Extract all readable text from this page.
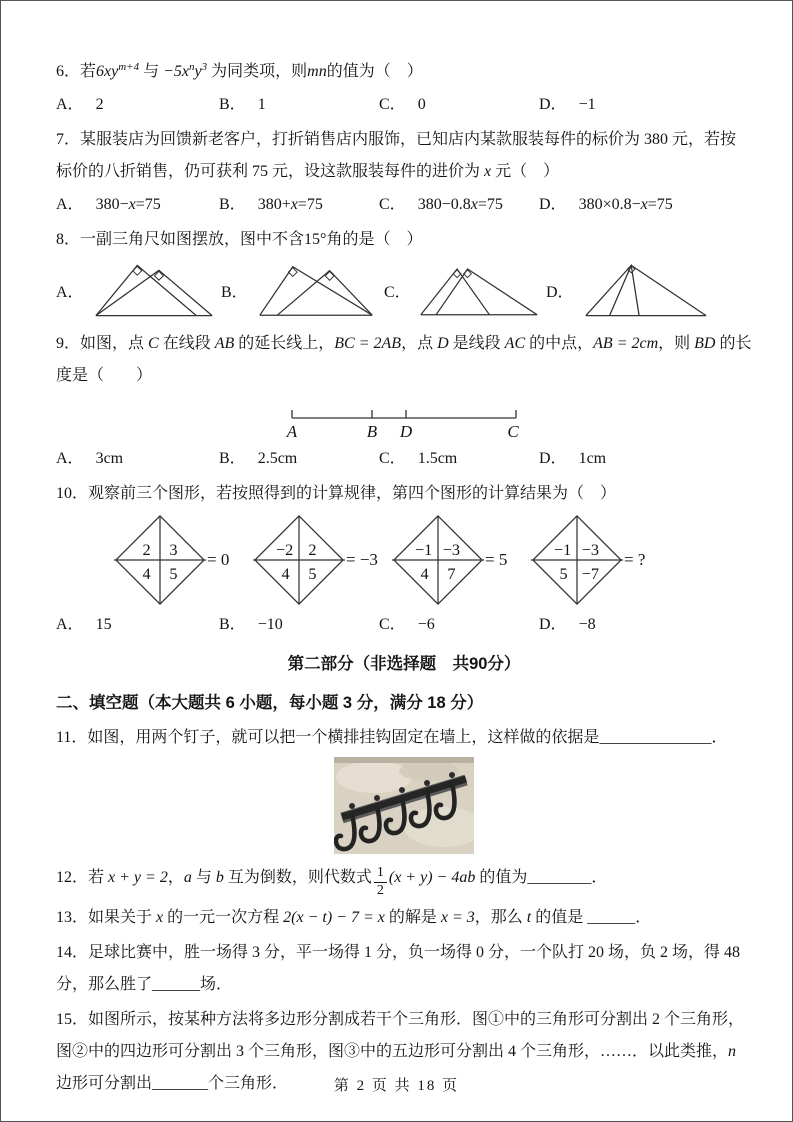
6．若$6xy^{m+4}$ 与 $-5x^ny^3$ 为同类项，则mn的值为（　）

A． 2	B． 1	C． 0	D． −1

7．某服装店为回馈新老客户，打折销售店内服饰，已知店内某款服装每件的标价为 380 元，若按

标价的八折销售，仍可获利 75 元，设这款服装每件的进价为 x 元（　）

A． 380−x=75	B． 380+x=75	C． 380−0.8x=75	D． 380×0.8−x=75

8．一副三角尺如图摆放，图中不含15°角的是（　）

A．	B．	C．	D．

9．如图，点 C 在线段 AB 的延长线上，BC = 2AB，点 D 是线段 AC 的中点，AB = 2cm，则 BD 的长

度是（　　）

A	B D	C
A． 3cm	B． 2.5cm	C． 1.5cm	D． 1cm

10．观察前三个图形，若按照得到的计算规律，第四个图形的计算结果为（　）

2 3
4 5
= 0
−2 2
4 5
= −3
−1 −3
4 7
= 5
−1 −3
5 −7
= ?
A． 15	B． −10	C． −6	D． −8

第二部分（非选择题　共90分）

二、填空题（本大题共 6 小题，每小题 3 分，满分 18 分）

11．如图，用两个钉子，就可以把一个横排挂钩固定在墙上，这样做的依据是______________．

12．若 x + y = 2，a 与 b 互为倒数，则代数式 $\frac{1}{2} (x + y) - 4ab$ 的值为________．

13．如果关于 x 的一元一次方程 2(x − t) − 7 = x 的解是 x = 3，那么 t 的值是 ______．

14．足球比赛中，胜一场得 3 分，平一场得 1 分，负一场得 0 分，一个队打 20 场，负 2 场，得 48

分，那么胜了______场．

15．如图所示，按某种方法将多边形分割成若干个三角形．图①中的三角形可分割出 2 个三角形，

图②中的四边形可分割出 3 个三角形，图③中的五边形可分割出 4 个三角形，……．以此类推，n

边形可分割出_______个三角形．	第 2 页 共 18 页
